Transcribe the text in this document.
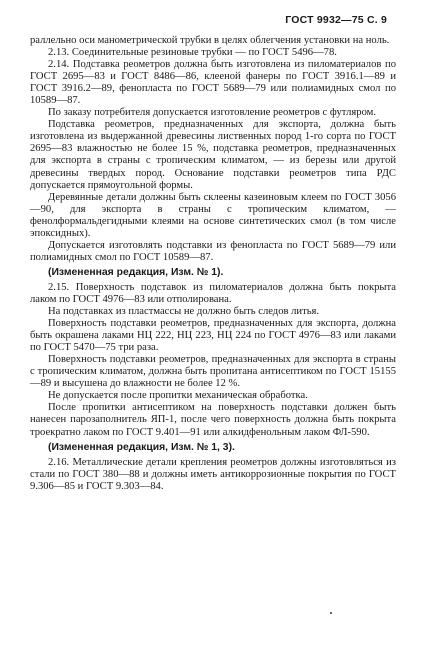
ГОСТ 9932—75 С. 9

раллельно оси манометрической трубки в целях облегчения установки на ноль.

2.13. Соединительные резиновые трубки — по ГОСТ 5496—78.

2.14. Подставка реометров должна быть изготовлена из пиломатериалов по ГОСТ 2695—83 и ГОСТ 8486—86, клееной фанеры по ГОСТ 3916.1—89 и ГОСТ 3916.2—89, фенопласта по ГОСТ 5689—79 или полиамидных смол по 10589—87.

По заказу потребителя допускается изготовление реометров с футляром.

Подставка реометров, предназначенных для экспорта, должна быть изготовлена из выдержанной древесины лиственных пород 1-го сорта по ГОСТ 2695—83 влажностью не более 15 %, подставка реометров, предназначенных для экспорта в страны с тропическим климатом, — из березы или другой древесины твердых пород. Основание подставки реометров типа РДС допускается прямоугольной формы.

Деревянные детали должны быть склеены казеиновым клеем по ГОСТ 3056—90, для экспорта в страны с тропическим климатом, — фенолформальдегидными клеями на основе синтетических смол (в том числе эпоксидных).

Допускается изготовлять подставки из фенопласта по ГОСТ 5689—79 или полиамидных смол по ГОСТ 10589—87.

(Измененная редакция, Изм. № 1).

2.15. Поверхность подставок из пиломатериалов должна быть покрыта лаком по ГОСТ 4976—83 или отполирована.

На подставках из пластмассы не должно быть следов литья.

Поверхность подставки реометров, предназначенных для экспорта, должна быть окрашена лаками НЦ 222, НЦ 223, НЦ 224 по ГОСТ 4976—83 или лаками по ГОСТ 5470—75 три раза.

Поверхность подставки реометров, предназначенных для экспорта в страны с тропическим климатом, должна быть пропитана антисептиком по ГОСТ 15155—89 и высушена до влажности не более 12 %.

Не допускается после пропитки механическая обработка.

После пропитки антисептиком на поверхность подставки должен быть нанесен парозаполнитель ЯП-1, после чего поверхность должна быть покрыта троекратно лаком по ГОСТ 9.401—91 или алкидфенольным лаком ФЛ-590.

(Измененная редакция, Изм. № 1, 3).

2.16. Металлические детали крепления реометров должны изготовляться из стали по ГОСТ 380—88 и должны иметь антикоррозионные покрытия по ГОСТ 9.306—85 и ГОСТ 9.303—84.
